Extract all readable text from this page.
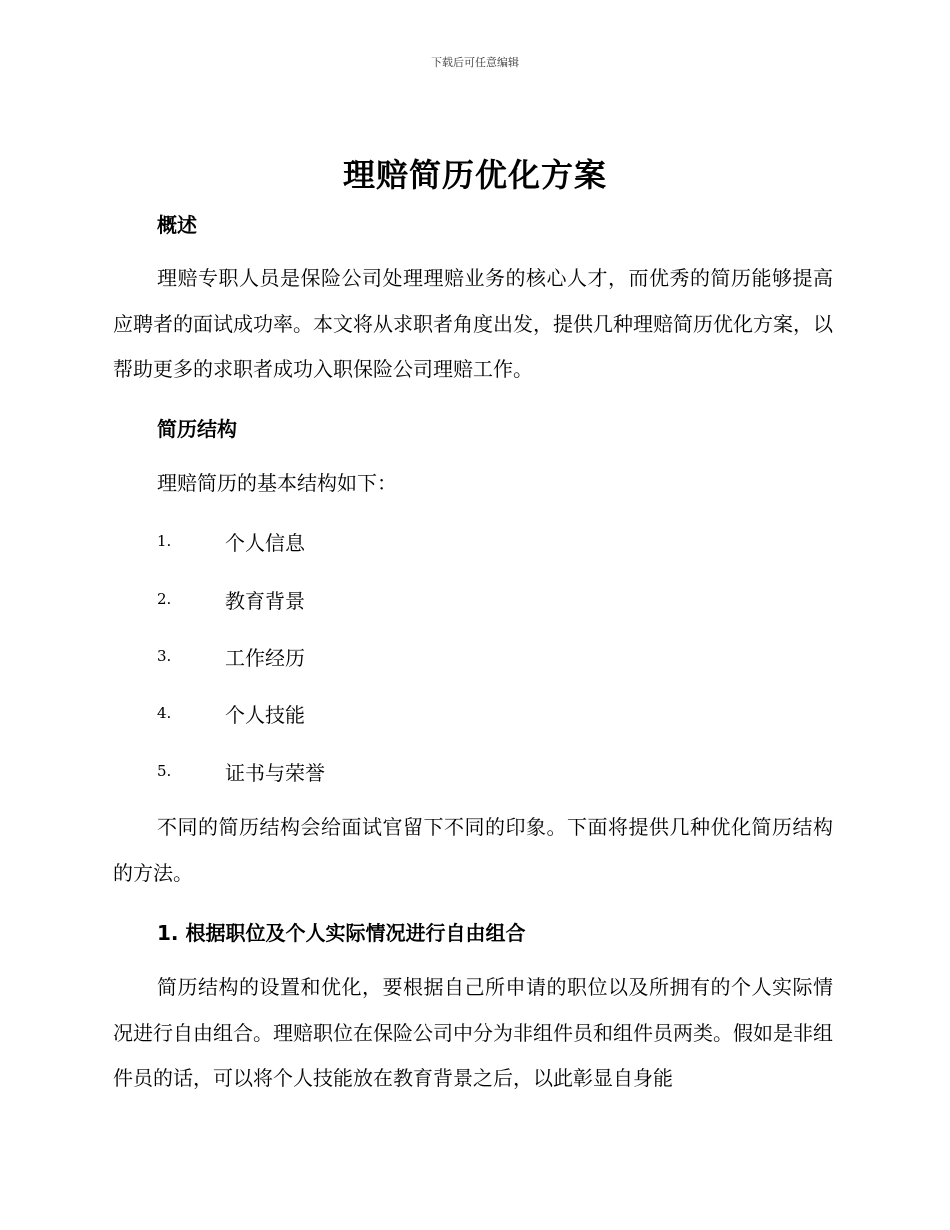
下载后可任意编辑
理赔简历优化方案
概述

理赔专职人员是保险公司处理理赔业务的核心人才，而优秀的简历能够提高应聘者的面试成功率。本文将从求职者角度出发，提供几种理赔简历优化方案，以帮助更多的求职者成功入职保险公司理赔工作。

简历结构

理赔简历的基本结构如下：

1.	个人信息
2.	教育背景
3.	工作经历
4.	个人技能
5.	证书与荣誉

不同的简历结构会给面试官留下不同的印象。下面将提供几种优化简历结构的方法。

1. 根据职位及个人实际情况进行自由组合

简历结构的设置和优化，要根据自己所申请的职位以及所拥有的个人实际情况进行自由组合。理赔职位在保险公司中分为非组件员和组件员两类。假如是非组件员的话，可以将个人技能放在教育背景之后，以此彰显自身能
